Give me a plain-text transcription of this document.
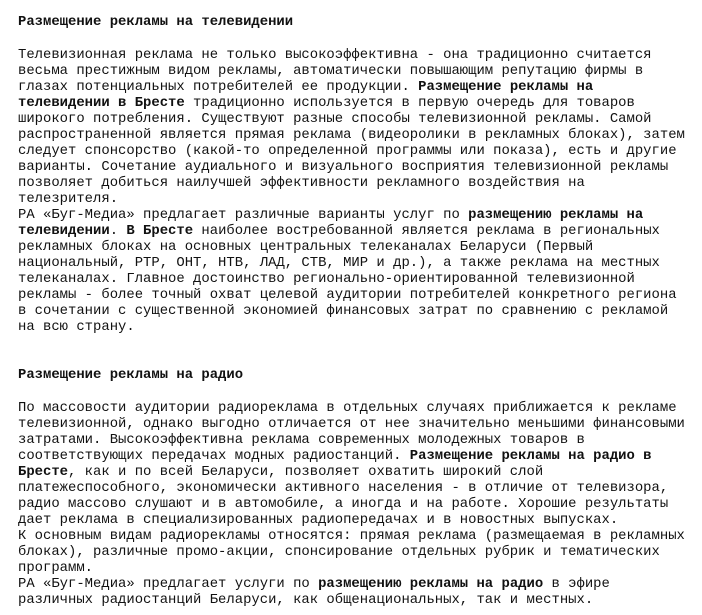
Размещение рекламы на телевидении

Телевизионная реклама не только высокоэффективна - она традиционно считается
весьма престижным видом рекламы, автоматически повышающим репутацию фирмы в
глазах потенциальных потребителей ее продукции. Размещение рекламы на
телевидении в Бресте традиционно используется в первую очередь для товаров
широкого потребления. Существуют разные способы телевизионной рекламы. Самой
распространенной является прямая реклама (видеоролики в рекламных блоках), затем
следует спонсорство (какой-то определенной программы или показа), есть и другие
варианты. Сочетание аудиального и визуального восприятия телевизионной рекламы
позволяет добиться наилучшей эффективности рекламного воздействия на
телезрителя.
РА «Буг-Медиа» предлагает различные варианты услуг по размещению рекламы на
телевидении. В Бресте наиболее востребованной является реклама в региональных
рекламных блоках на основных центральных телеканалах Беларуси (Первый
национальный, РТР, ОНТ, НТВ, ЛАД, СТВ, МИР и др.), а также реклама на местных
телеканалах. Главное достоинство регионально-ориентированной телевизионной
рекламы - более точный охват целевой аудитории потребителей конкретного региона
в сочетании с существенной экономией финансовых затрат по сравнению с рекламой
на всю страну.

Размещение рекламы на радио

По массовости аудитории радиореклама в отдельных случаях приближается к рекламе
телевизионной, однако выгодно отличается от нее значительно меньшими финансовыми
затратами. Высокоэффективна реклама современных молодежных товаров в
соответствующих передачах модных радиостанций. Размещение рекламы на радио в
Бресте, как и по всей Беларуси, позволяет охватить широкий слой
платежеспособного, экономически активного населения - в отличие от телевизора,
радио массово слушают и в автомобиле, а иногда и на работе. Хорошие результаты
дает реклама в специализированных радиопередачах и в новостных выпусках.
К основным видам радиорекламы относятся: прямая реклама (размещаемая в рекламных
блоках), различные промо-акции, спонсирование отдельных рубрик и тематических
программ.
РА «Буг-Медиа» предлагает услуги по размещению рекламы на радио в эфире
различных радиостанций Беларуси, как общенациональных, так и местных.
